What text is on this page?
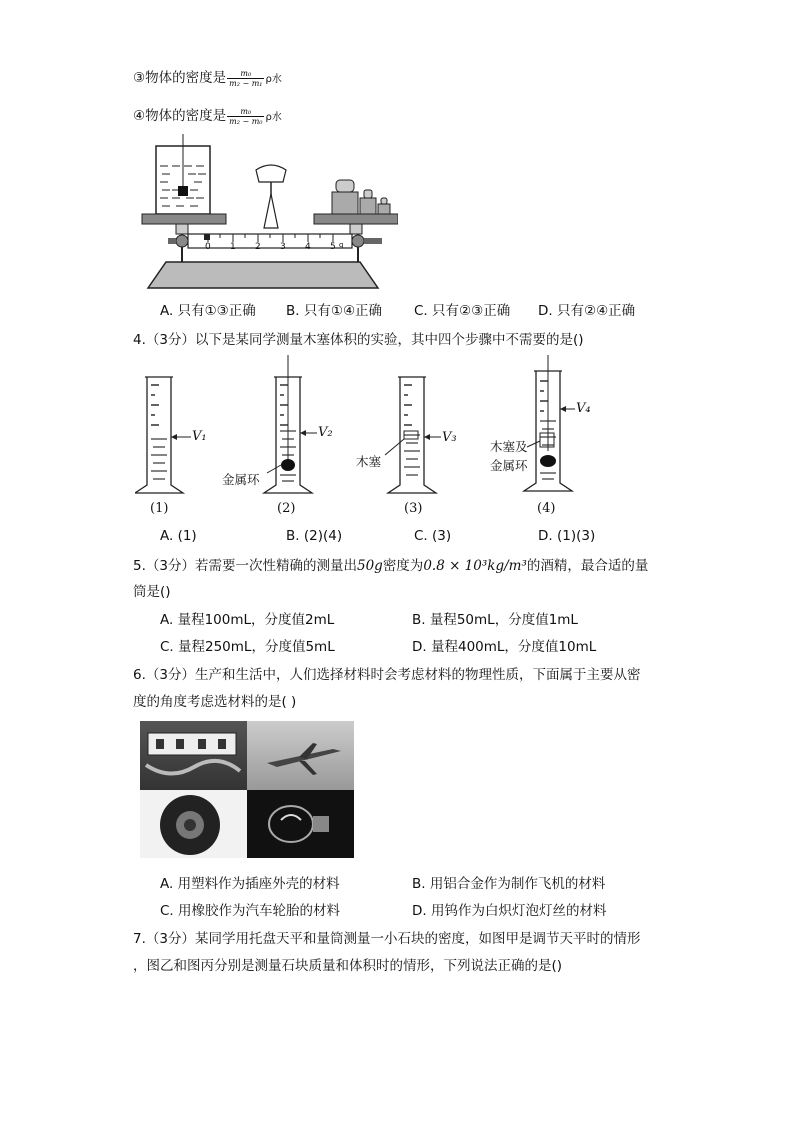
③物体的密度是 $\frac{\text{m₀}}{\text{m₂ − m₁}}$ ρ水
④物体的密度是 $\frac{\text{m₀}}{\text{m₂ − m₀}}$ ρ水
0 1 2 3 4 5 g
A. 只有①③正确 B. 只有①④正确 C. 只有②③正确 D. 只有②④正确
4.（3分）以下是某同学测量木塞体积的实验，其中四个步骤中不需要的是()
V₁	V₂	V₃
V₄
金属环
木塞
木塞及
金属环
(1)	(2)	(3)	(4)
A. (1)	B. (2)(4)	C. (3)	D. (1)(3)
5.（3分）若需要一次性精确的测量出50g密度为0.8 × 10³kg/m³的酒精，最合适的量
筒是()
A. 量程100mL，分度值2mL	B. 量程50mL，分度值1mL
C. 量程250mL，分度值5mL	D. 量程400mL，分度值10mL
6.（3分）生产和生活中，人们选择材料时会考虑材料的物理性质，下面属于主要从密
度的角度考虑选材料的是( )
A. 用塑料作为插座外壳的材料	B. 用铝合金作为制作飞机的材料
C. 用橡胶作为汽车轮胎的材料	D. 用钨作为白炽灯泡灯丝的材料
7.（3分）某同学用托盘天平和量筒测量一小石块的密度，如图甲是调节天平时的情形
，图乙和图丙分别是测量石块质量和体积时的情形，下列说法正确的是()
